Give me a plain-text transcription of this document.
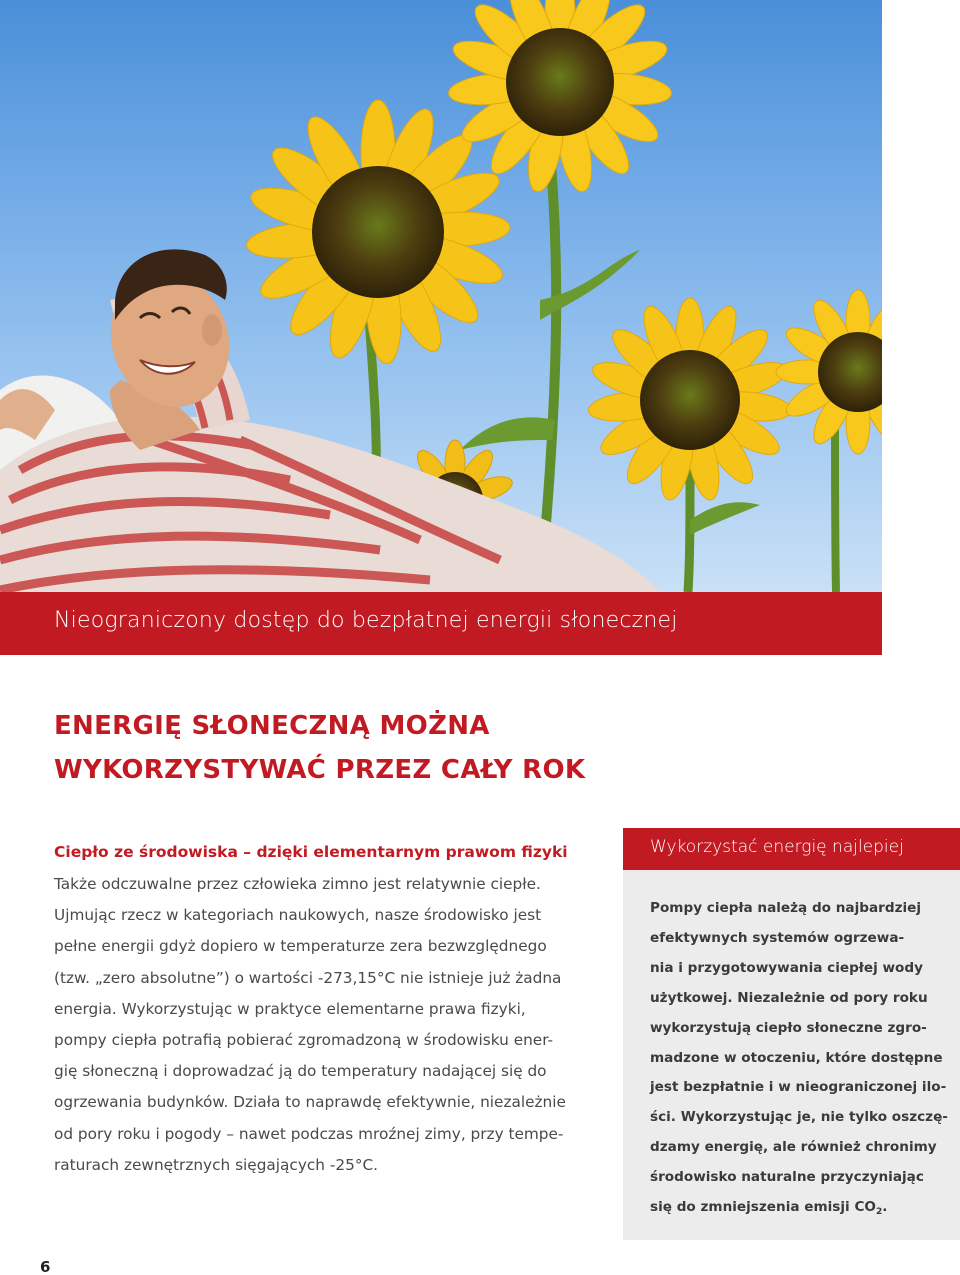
Nieograniczony dostęp do bezpłatnej energii słonecznej
ENERGIĘ SŁONECZNĄ MOŻNA
WYKORZYSTYWAĆ PRZEZ CAŁY ROK
Ciepło ze środowiska – dzięki elementarnym prawom fizyki
Także odczuwalne przez człowieka zimno jest relatywnie ciepłe.
Ujmując rzecz w kategoriach naukowych, nasze środowisko jest
pełne energii gdyż dopiero w temperaturze zera bezwzględnego
(tzw. „zero absolutne”) o wartości -273,15°C nie istnieje już żadna
energia. Wykorzystując w praktyce elementarne prawa fizyki,
pompy ciepła potrafią pobierać zgromadzoną w środowisku ener-
gię słoneczną i doprowadzać ją do temperatury nadającej się do
ogrzewania budynków. Działa to naprawdę efektywnie, niezależnie
od pory roku i pogody – nawet podczas mroźnej zimy, przy tempe-
raturach zewnętrznych sięgających -25°C.
Wykorzystać energię najlepiej
Pompy ciepła należą do najbardziej
efektywnych systemów ogrzewa-
nia i przygotowywania ciepłej wody
użytkowej. Niezależnie od pory roku
wykorzystują ciepło słoneczne zgro-
madzone w otoczeniu, które dostępne
jest bezpłatnie i w nieograniczonej ilo-
ści. Wykorzystując je, nie tylko oszczę-
dzamy energię, ale również chronimy
środowisko naturalne przyczyniając
się do zmniejszenia emisji $CO_2$.
6
